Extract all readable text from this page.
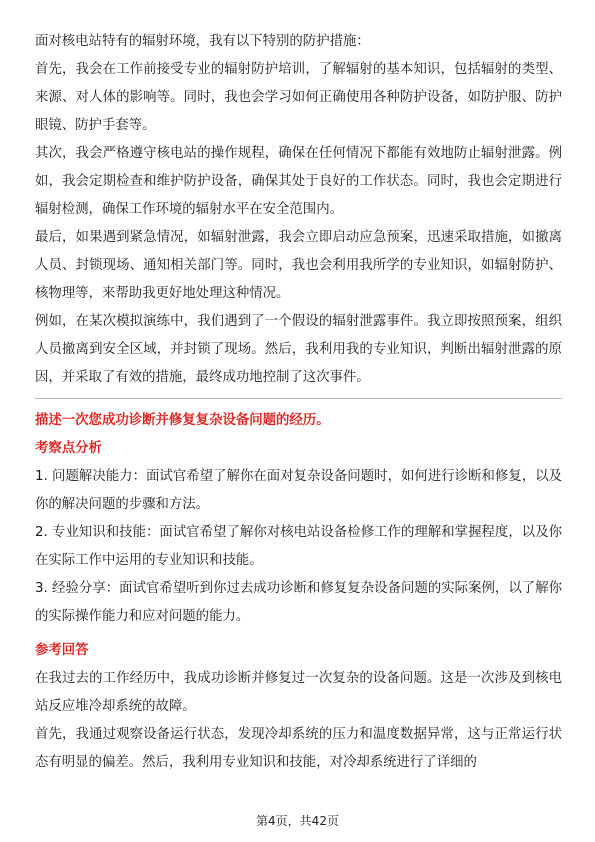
面对核电站特有的辐射环境，我有以下特别的防护措施：

首先，我会在工作前接受专业的辐射防护培训，了解辐射的基本知识，包括辐射的类型、来源、对人体的影响等。同时，我也会学习如何正确使用各种防护设备，如防护服、防护眼镜、防护手套等。

其次，我会严格遵守核电站的操作规程，确保在任何情况下都能有效地防止辐射泄露。例如，我会定期检查和维护防护设备，确保其处于良好的工作状态。同时，我也会定期进行辐射检测，确保工作环境的辐射水平在安全范围内。

最后，如果遇到紧急情况，如辐射泄露，我会立即启动应急预案，迅速采取措施，如撤离人员、封锁现场、通知相关部门等。同时，我也会利用我所学的专业知识，如辐射防护、核物理等，来帮助我更好地处理这种情况。

例如，在某次模拟演练中，我们遇到了一个假设的辐射泄露事件。我立即按照预案，组织人员撤离到安全区域，并封锁了现场。然后，我利用我的专业知识，判断出辐射泄露的原因，并采取了有效的措施，最终成功地控制了这次事件。

描述一次您成功诊断并修复复杂设备问题的经历。

考察点分析

1. 问题解决能力：面试官希望了解你在面对复杂设备问题时，如何进行诊断和修复，以及你的解决问题的步骤和方法。

2. 专业知识和技能：面试官希望了解你对核电站设备检修工作的理解和掌握程度，以及你在实际工作中运用的专业知识和技能。

3. 经验分享：面试官希望听到你过去成功诊断和修复复杂设备问题的实际案例，以了解你的实际操作能力和应对问题的能力。

参考回答

在我过去的工作经历中，我成功诊断并修复过一次复杂的设备问题。这是一次涉及到核电站反应堆冷却系统的故障。

首先，我通过观察设备运行状态，发现冷却系统的压力和温度数据异常，这与正常运行状态有明显的偏差。然后，我利用专业知识和技能，对冷却系统进行了详细的

第4页，共42页
